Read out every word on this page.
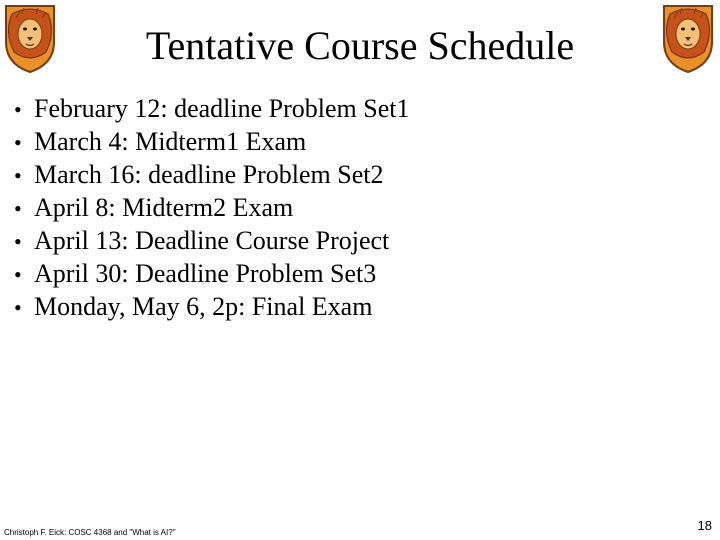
Tentative Course Schedule
• February 12: deadline Problem Set1
• March 4: Midterm1 Exam
• March 16: deadline Problem Set2
• April 8: Midterm2 Exam
• April 13: Deadline Course Project
• April 30: Deadline Problem Set3
• Monday, May 6, 2p: Final Exam
Christoph F. Eick: COSC 4368 and "What is AI?"	18
